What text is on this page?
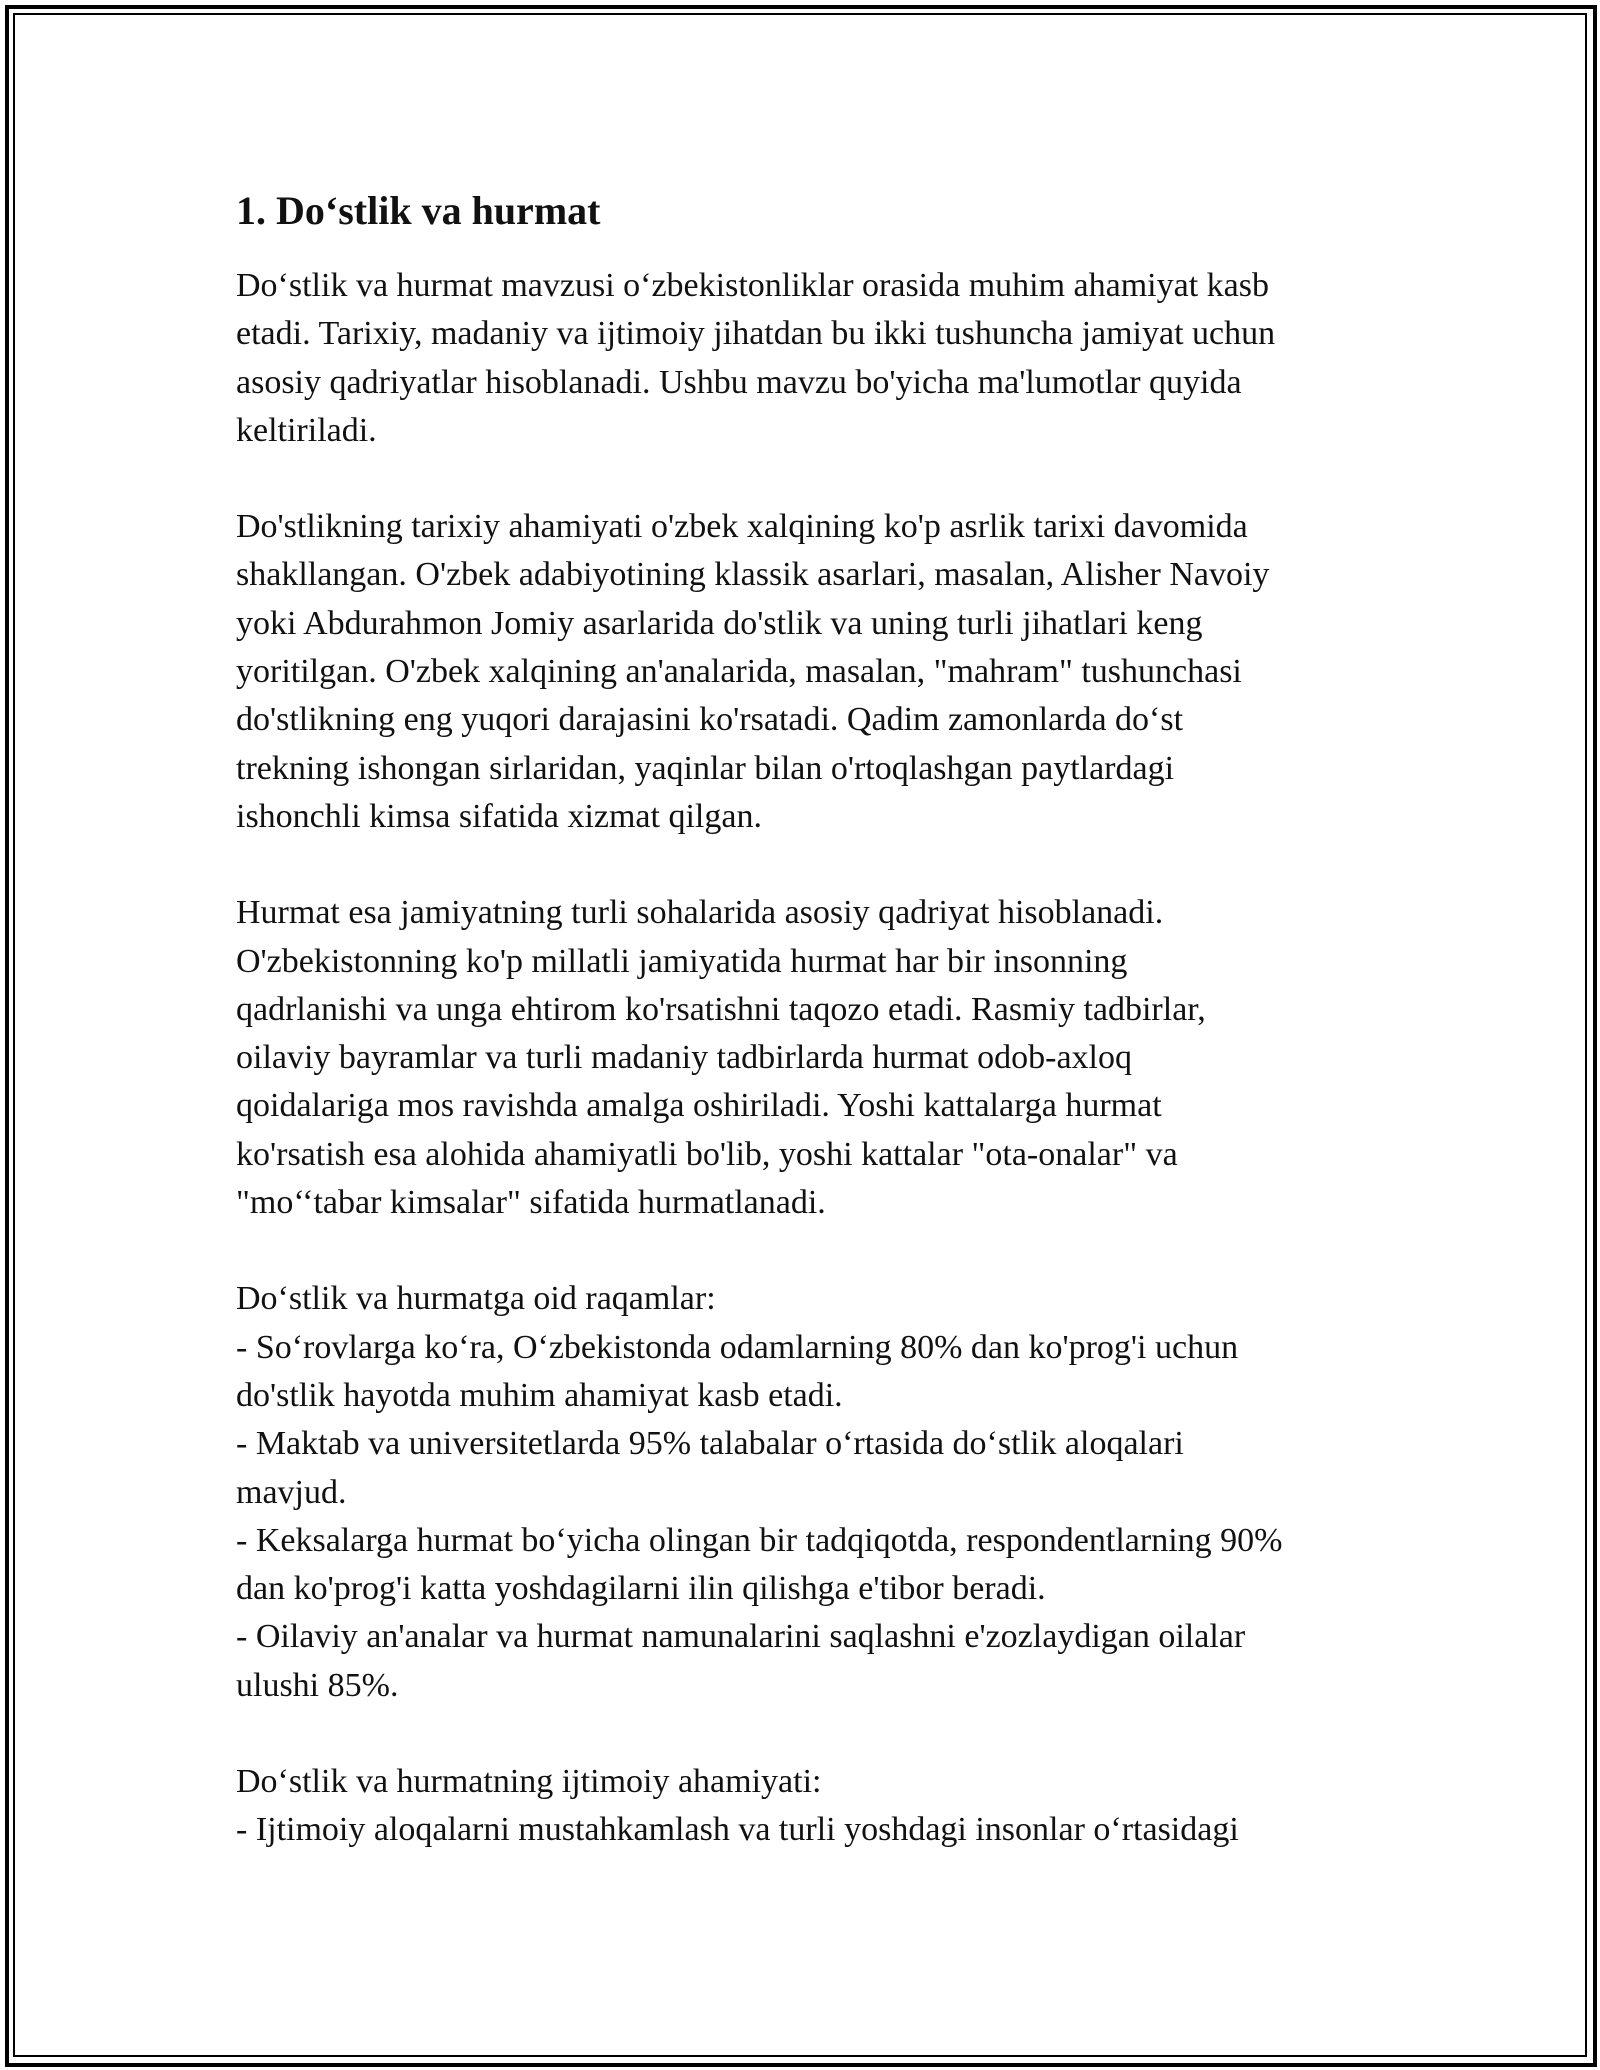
1. Do‘stlik va hurmat
Do‘stlik va hurmat mavzusi o‘zbekistonliklar orasida muhim ahamiyat kasb
etadi. Tarixiy, madaniy va ijtimoiy jihatdan bu ikki tushuncha jamiyat uchun
asosiy qadriyatlar hisoblanadi. Ushbu mavzu bo'yicha ma'lumotlar quyida
keltiriladi.
Do'stlikning tarixiy ahamiyati o'zbek xalqining ko'p asrlik tarixi davomida
shakllangan. O'zbek adabiyotining klassik asarlari, masalan, Alisher Navoiy
yoki Abdurahmon Jomiy asarlarida do'stlik va uning turli jihatlari keng
yoritilgan. O'zbek xalqining an'analarida, masalan, "mahram" tushunchasi
do'stlikning eng yuqori darajasini ko'rsatadi. Qadim zamonlarda do‘st
trekning ishongan sirlaridan, yaqinlar bilan o'rtoqlashgan paytlardagi
ishonchli kimsa sifatida xizmat qilgan.
Hurmat esa jamiyatning turli sohalarida asosiy qadriyat hisoblanadi.
O'zbekistonning ko'p millatli jamiyatida hurmat har bir insonning
qadrlanishi va unga ehtirom ko'rsatishni taqozo etadi. Rasmiy tadbirlar,
oilaviy bayramlar va turli madaniy tadbirlarda hurmat odob-axloq
qoidalariga mos ravishda amalga oshiriladi. Yoshi kattalarga hurmat
ko'rsatish esa alohida ahamiyatli bo'lib, yoshi kattalar "ota-onalar" va
"mo‘‘tabar kimsalar" sifatida hurmatlanadi.
Do‘stlik va hurmatga oid raqamlar:
- So‘rovlarga ko‘ra, O‘zbekistonda odamlarning 80% dan ko'prog'i uchun
do'stlik hayotda muhim ahamiyat kasb etadi.
- Maktab va universitetlarda 95% talabalar o‘rtasida do‘stlik aloqalari
mavjud.
- Keksalarga hurmat bo‘yicha olingan bir tadqiqotda, respondentlarning 90%
dan ko'prog'i katta yoshdagilarni ilin qilishga e'tibor beradi.
- Oilaviy an'analar va hurmat namunalarini saqlashni e'zozlaydigan oilalar
ulushi 85%.
Do‘stlik va hurmatning ijtimoiy ahamiyati:
- Ijtimoiy aloqalarni mustahkamlash va turli yoshdagi insonlar o‘rtasidagi
